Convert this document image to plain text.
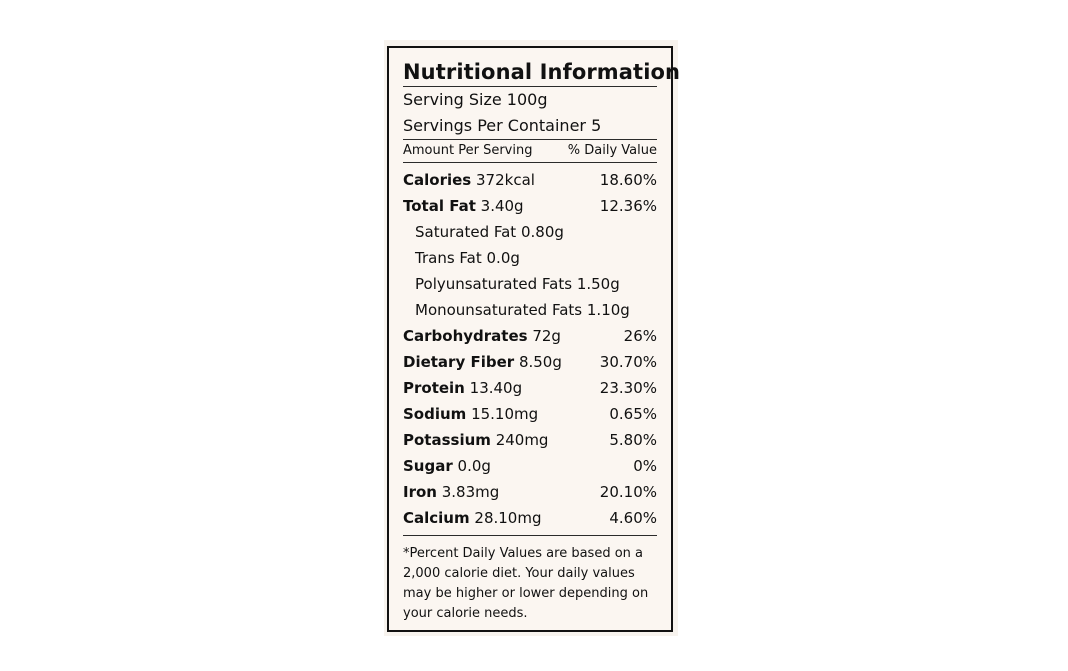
Nutritional Information
Serving Size 100g
Servings Per Container 5
Amount Per Serving	% Daily Value
Calories 372kcal	18.60%
Total Fat 3.40g	12.36%
Saturated Fat 0.80g
Trans Fat 0.0g
Polyunsaturated Fats 1.50g
Monounsaturated Fats 1.10g
Carbohydrates 72g	26%
Dietary Fiber 8.50g	30.70%
Protein 13.40g	23.30%
Sodium 15.10mg	0.65%
Potassium 240mg	5.80%
Sugar 0.0g	0%
Iron 3.83mg	20.10%
Calcium 28.10mg	4.60%
*Percent Daily Values are based on a 2,000 calorie diet. Your daily values may be higher or lower depending on your calorie needs.
